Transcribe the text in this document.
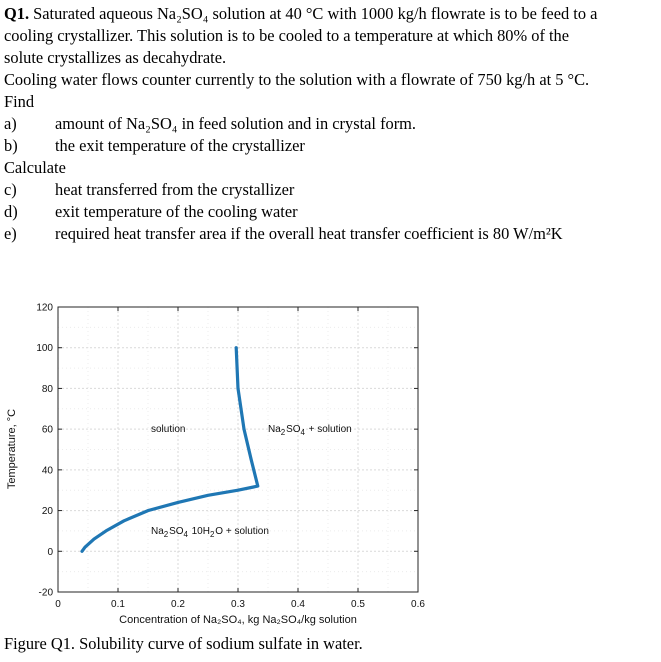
Q1. Saturated aqueous Na₂SO₄ solution at 40 °C with 1000 kg/h flowrate is to be feed to a
cooling crystallizer. This solution is to be cooled to a temperature at which 80% of the
solute crystallizes as decahydrate.
Cooling water flows counter currently to the solution with a flowrate of 750 kg/h at 5 °C.
Find
a) amount of Na₂SO₄ in feed solution and in crystal form.
b) the exit temperature of the crystallizer
Calculate
c) heat transferred from the crystallizer
d) exit temperature of the cooling water
e) required heat transfer area if the overall heat transfer coefficient is 80 W/m²K
0	0.1	0.2	0.3	0.4	0.5	0.6
-20
0
20
40
60
80
100
120
solution	$Na_2$ $SO_4$  + solution
$Na_2$ $SO_4$  $10H_2$ O + solution
Concentration of Na₂SO₄, kg Na₂SO₄/kg solution
Temperature, °C
Figure Q1. Solubility curve of sodium sulfate in water.
